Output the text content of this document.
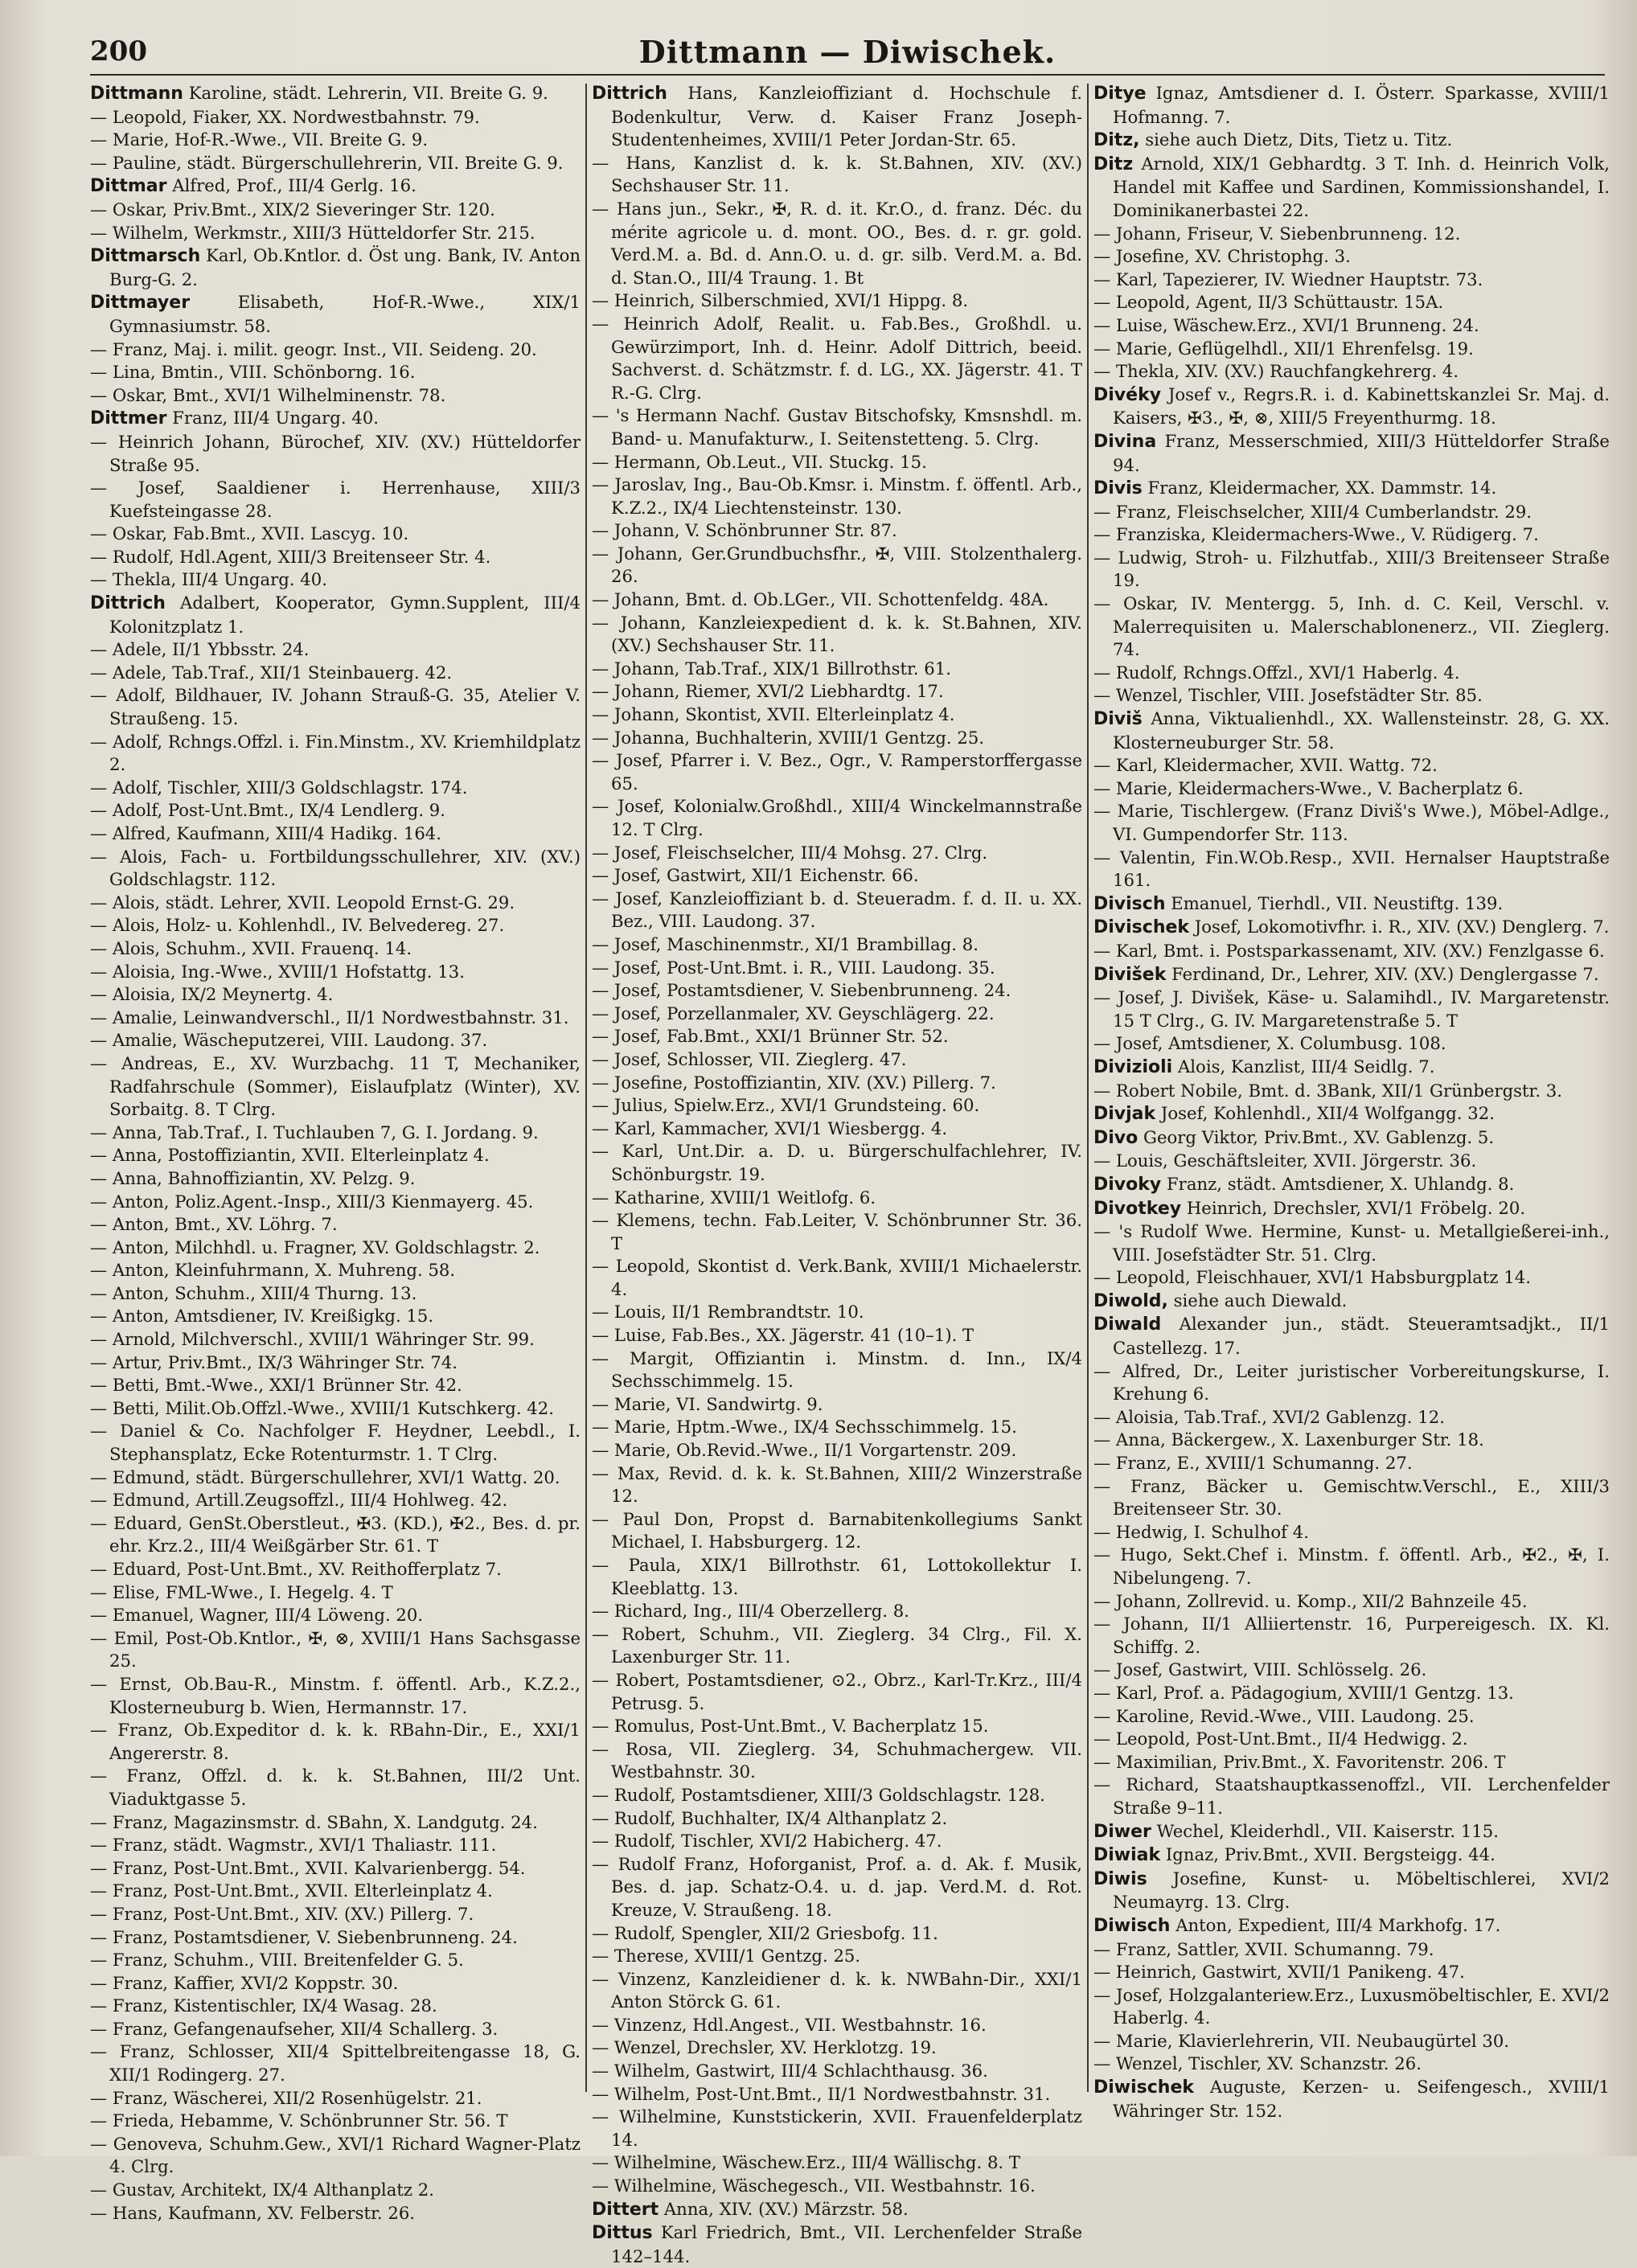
200	Dittmann — Diwischek.

Dittmann Karoline, städt. Lehrerin, VII. Breite G. 9.

— Leopold, Fiaker, XX. Nordwestbahnstr. 79.

— Marie, Hof-R.-Wwe., VII. Breite G. 9.

— Pauline, städt. Bürgerschullehrerin, VII. Breite G. 9.

Dittmar Alfred, Prof., III/4 Gerlg. 16.

— Oskar, Priv.Bmt., XIX/2 Sieveringer Str. 120.

— Wilhelm, Werkmstr., XIII/3 Hütteldorfer Str. 215.

Dittmarsch Karl, Ob.Kntlor. d. Öst ung. Bank, IV. Anton Burg-G. 2.

Dittmayer	Elisabeth, Hof-R.-Wwe., XIX/1 Gymnasiumstr. 58.

— Franz, Maj. i. milit. geogr. Inst., VII. Seideng. 20.

— Lina, Bmtin., VIII. Schönborng. 16.

— Oskar, Bmt., XVI/1 Wilhelminenstr. 78.

Dittmer Franz, III/4 Ungarg. 40.

— Heinrich Johann, Bürochef, XIV. (XV.) Hütteldorfer Straße 95.

— Josef, Saaldiener i. Herrenhause, XIII/3 Kuefsteingasse 28.

— Oskar, Fab.Bmt., XVII. Lascyg. 10.

— Rudolf, Hdl.Agent, XIII/3 Breitenseer Str. 4.

— Thekla, III/4 Ungarg. 40.

Dittrich Adalbert, Kooperator, Gymn.Supplent, III/4 Kolonitzplatz 1.

— Adele, II/1 Ybbsstr. 24.

— Adele, Tab.Traf., XII/1 Steinbauerg. 42.

— Adolf, Bildhauer, IV. Johann Strauß-G. 35, Atelier V. Straußeng. 15.

— Adolf, Rchngs.Offzl. i. Fin.Minstm., XV. Kriemhildplatz 2.

— Adolf, Tischler, XIII/3 Goldschlagstr. 174.

— Adolf, Post-Unt.Bmt., IX/4 Lendlerg. 9.

— Alfred, Kaufmann, XIII/4 Hadikg. 164.

— Alois, Fach- u. Fortbildungsschullehrer, XIV. (XV.) Goldschlagstr. 112.

— Alois, städt. Lehrer, XVII. Leopold Ernst-G. 29.

— Alois, Holz- u. Kohlenhdl., IV. Belvedereg. 27.

— Alois, Schuhm., XVII. Frauenq. 14.

— Aloisia, Ing.-Wwe., XVIII/1 Hofstattg. 13.

— Aloisia, IX/2 Meynertg. 4.

— Amalie, Leinwandverschl., II/1 Nordwestbahnstr. 31.

— Amalie, Wäscheputzerei, VIII. Laudong. 37.

— Andreas, E., XV. Wurzbachg. 11 T, Mechaniker, Radfahrschule (Sommer), Eislaufplatz (Winter), XV. Sorbaitg. 8. T Clrg.

— Anna, Tab.Traf., I. Tuchlauben 7, G. I. Jordang. 9.

— Anna, Postoffiziantin, XVII. Elterleinplatz 4.

— Anna, Bahnoffiziantin, XV. Pelzg. 9.

— Anton, Poliz.Agent.-Insp., XIII/3 Kienmayerg. 45.

— Anton, Bmt., XV. Löhrg. 7.

— Anton, Milchhdl. u. Fragner, XV. Goldschlagstr. 2.

— Anton, Kleinfuhrmann, X. Muhreng. 58.

— Anton, Schuhm., XIII/4 Thurng. 13.

— Anton, Amtsdiener, IV. Kreißigkg. 15.

— Arnold, Milchverschl., XVIII/1 Währinger Str. 99.

— Artur, Priv.Bmt., IX/3 Währinger Str. 74.

— Betti, Bmt.-Wwe., XXI/1 Brünner Str. 42.

— Betti, Milit.Ob.Offzl.-Wwe., XVIII/1 Kutschkerg. 42.

— Daniel & Co. Nachfolger F. Heydner, Leebdl., I. Stephansplatz, Ecke Rotenturmstr. 1. T Clrg.

— Edmund, städt. Bürgerschullehrer, XVI/1 Wattg. 20.

— Edmund, Artill.Zeugsoffzl., III/4 Hohlweg. 42.

— Eduard, GenSt.Oberstleut., ✠3. (KD.), ✠2., Bes. d. pr. ehr. Krz.2., III/4 Weißgärber Str. 61. T

— Eduard, Post-Unt.Bmt., XV. Reithofferplatz 7.

— Elise, FML-Wwe., I. Hegelg. 4. T

— Emanuel, Wagner, III/4 Löweng. 20.

— Emil, Post-Ob.Kntlor., ✠, ⊗, XVIII/1 Hans Sachsgasse 25.

— Ernst, Ob.Bau-R., Minstm. f. öffentl. Arb., K.Z.2., Klosterneuburg b. Wien, Hermannstr. 17.

— Franz, Ob.Expeditor d. k. k. RBahn-Dir., E., XXI/1 Angererstr. 8.

— Franz, Offzl. d. k. k. St.Bahnen, III/2 Unt. Viaduktgasse 5.

— Franz, Magazinsmstr. d. SBahn, X. Landgutg. 24.

— Franz, städt. Wagmstr., XVI/1 Thaliastr. 111.

— Franz, Post-Unt.Bmt., XVII. Kalvarienbergg. 54.

— Franz, Post-Unt.Bmt., XVII. Elterleinplatz 4.

— Franz, Post-Unt.Bmt., XIV. (XV.) Pillerg. 7.

— Franz, Postamtsdiener, V. Siebenbrunneng. 24.

— Franz, Schuhm., VIII. Breitenfelder G. 5.

— Franz, Kaffier, XVI/2 Koppstr. 30.

— Franz, Kistentischler, IX/4 Wasag. 28.

— Franz, Gefangenaufseher, XII/4 Schallerg. 3.

— Franz, Schlosser, XII/4 Spittelbreitengasse 18, G. XII/1 Rodingerg. 27.

— Franz, Wäscherei, XII/2 Rosenhügelstr. 21.

— Frieda, Hebamme, V. Schönbrunner Str. 56. T

— Genoveva, Schuhm.Gew., XVI/1 Richard Wagner-Platz 4. Clrg.

— Gustav, Architekt, IX/4 Althanplatz 2.

— Hans, Kaufmann, XV. Felberstr. 26.

Dittrich Hans, Kanzleioffiziant d. Hochschule f. Bodenkultur, Verw. d. Kaiser Franz Joseph-Studentenheimes, XVIII/1 Peter Jordan-Str. 65.

— Hans, Kanzlist d. k. k. St.Bahnen, XIV. (XV.) Sechshauser Str. 11.

— Hans jun., Sekr., ✠, R. d. it. Kr.O., d. franz. Déc. du mérite agricole u. d. mont. OO., Bes. d. r. gr. gold. Verd.M. a. Bd. d. Ann.O. u. d. gr. silb. Verd.M. a. Bd. d. Stan.O., III/4 Traung. 1. Bt

— Heinrich, Silberschmied, XVI/1 Hippg. 8.

— Heinrich Adolf, Realit. u. Fab.Bes., Großhdl. u. Gewürzimport, Inh. d. Heinr. Adolf Dittrich, beeid. Sachverst. d. Schätzmstr. f. d. LG., XX. Jägerstr. 41. T R.-G. Clrg.

— 's Hermann Nachf. Gustav Bitschofsky, Kmsnshdl. m. Band- u. Manufakturw., I. Seitenstetteng. 5. Clrg.

— Hermann, Ob.Leut., VII. Stuckg. 15.

— Jaroslav, Ing., Bau-Ob.Kmsr. i. Minstm. f. öffentl. Arb., K.Z.2., IX/4 Liechtensteinstr. 130.

— Johann, V. Schönbrunner Str. 87.

— Johann, Ger.Grundbuchsfhr., ✠, VIII. Stolzenthalerg. 26.

— Johann, Bmt. d. Ob.LGer., VII. Schottenfeldg. 48A.

— Johann, Kanzleiexpedient d. k. k. St.Bahnen, XIV. (XV.) Sechshauser Str. 11.

— Johann, Tab.Traf., XIX/1 Billrothstr. 61.

— Johann, Riemer, XVI/2 Liebhardtg. 17.

— Johann, Skontist, XVII. Elterleinplatz 4.

— Johanna, Buchhalterin, XVIII/1 Gentzg. 25.

— Josef, Pfarrer i. V. Bez., Ogr., V. Ramperstorffergasse 65.

— Josef, Kolonialw.Großhdl., XIII/4 Winckelmannstraße 12. T Clrg.

— Josef, Fleischselcher, III/4 Mohsg. 27. Clrg.

— Josef, Gastwirt, XII/1 Eichenstr. 66.

— Josef, Kanzleioffiziant b. d. Steueradm. f. d. II. u. XX. Bez., VIII. Laudong. 37.

— Josef, Maschinenmstr., XI/1 Brambillag. 8.

— Josef, Post-Unt.Bmt. i. R., VIII. Laudong. 35.

— Josef, Postamtsdiener, V. Siebenbrunneng. 24.

— Josef, Porzellanmaler, XV. Geyschlägerg. 22.

— Josef, Fab.Bmt., XXI/1 Brünner Str. 52.

— Josef, Schlosser, VII. Zieglerg. 47.

— Josefine, Postoffiziantin, XIV. (XV.) Pillerg. 7.

— Julius, Spielw.Erz., XVI/1 Grundsteing. 60.

— Karl, Kammacher, XVI/1 Wiesbergg. 4.

— Karl, Unt.Dir. a. D. u. Bürgerschulfachlehrer, IV. Schönburgstr. 19.

— Katharine, XVIII/1 Weitlofg. 6.

— Klemens, techn. Fab.Leiter, V. Schönbrunner Str. 36. T

— Leopold, Skontist d. Verk.Bank, XVIII/1 Michaelerstr. 4.

— Louis, II/1 Rembrandtstr. 10.

— Luise, Fab.Bes., XX. Jägerstr. 41 (10–1). T

— Margit, Offiziantin i. Minstm. d. Inn., IX/4 Sechsschimmelg. 15.

— Marie, VI. Sandwirtg. 9.

— Marie, Hptm.-Wwe., IX/4 Sechsschimmelg. 15.

— Marie, Ob.Revid.-Wwe., II/1 Vorgartenstr. 209.

— Max, Revid. d. k. k. St.Bahnen, XIII/2 Winzerstraße 12.

— Paul Don, Propst d. Barnabitenkollegiums Sankt Michael, I. Habsburgerg. 12.

— Paula, XIX/1 Billrothstr. 61, Lottokollektur I. Kleeblattg. 13.

— Richard, Ing., III/4 Oberzellerg. 8.

— Robert, Schuhm., VII. Zieglerg. 34 Clrg., Fil. X. Laxenburger Str. 11.

— Robert, Postamtsdiener, ⊙2., Obrz., Karl-Tr.Krz., III/4 Petrusg. 5.

— Romulus, Post-Unt.Bmt., V. Bacherplatz 15.

— Rosa, VII. Zieglerg. 34, Schuhmachergew. VII. Westbahnstr. 30.

— Rudolf, Postamtsdiener, XIII/3 Goldschlagstr. 128.

— Rudolf, Buchhalter, IX/4 Althanplatz 2.

— Rudolf, Tischler, XVI/2 Habicherg. 47.

— Rudolf Franz, Hoforganist, Prof. a. d. Ak. f. Musik, Bes. d. jap. Schatz-O.4. u. d. jap. Verd.M. d. Rot. Kreuze, V. Straußeng. 18.

— Rudolf, Spengler, XII/2 Griesbofg. 11.

— Therese, XVIII/1 Gentzg. 25.

— Vinzenz, Kanzleidiener d. k. k. NWBahn-Dir., XXI/1 Anton Störck G. 61.

— Vinzenz, Hdl.Angest., VII. Westbahnstr. 16.

— Wenzel, Drechsler, XV. Herklotzg. 19.

— Wilhelm, Gastwirt, III/4 Schlachthausg. 36.

— Wilhelm, Post-Unt.Bmt., II/1 Nordwestbahnstr. 31.

— Wilhelmine, Kunststickerin, XVII. Frauenfelderplatz 14.

— Wilhelmine, Wäschew.Erz., III/4 Wällischg. 8. T

— Wilhelmine, Wäschegesch., VII. Westbahnstr. 16.

Dittert Anna, XIV. (XV.) Märzstr. 58.

Dittus Karl Friedrich, Bmt., VII. Lerchenfelder Straße 142–144.

Ditye Ignaz, Amtsdiener d. I. Österr. Sparkasse, XVIII/1 Hofmanng. 7.

Ditz, siehe auch Dietz, Dits, Tietz u. Titz.

Ditz Arnold, XIX/1 Gebhardtg. 3 T. Inh. d. Heinrich Volk, Handel mit Kaffee und Sardinen, Kommissionshandel, I. Dominikanerbastei 22.

— Johann, Friseur, V. Siebenbrunneng. 12.

— Josefine, XV. Christophg. 3.

— Karl, Tapezierer, IV. Wiedner Hauptstr. 73.

— Leopold, Agent, II/3 Schüttaustr. 15A.

— Luise, Wäschew.Erz., XVI/1 Brunneng. 24.

— Marie, Geflügelhdl., XII/1 Ehrenfelsg. 19.

— Thekla, XIV. (XV.) Rauchfangkehrerg. 4.

Divéky Josef v., Regrs.R. i. d. Kabinettskanzlei Sr. Maj. d. Kaisers, ✠3., ✠, ⊗, XIII/5 Freyenthurmg. 18.

Divina Franz, Messerschmied, XIII/3 Hütteldorfer Straße 94.

Divis Franz, Kleidermacher, XX. Dammstr. 14.

— Franz, Fleischselcher, XIII/4 Cumberlandstr. 29.

— Franziska, Kleidermachers-Wwe., V. Rüdigerg. 7.

— Ludwig, Stroh- u. Filzhutfab., XIII/3 Breitenseer Straße 19.

— Oskar, IV. Mentergg. 5, Inh. d. C. Keil, Verschl. v. Malerrequisiten u. Malerschablonenerz., VII. Zieglerg. 74.

— Rudolf, Rchngs.Offzl., XVI/1 Haberlg. 4.

— Wenzel, Tischler, VIII. Josefstädter Str. 85.

Diviš Anna, Viktualienhdl., XX. Wallensteinstr. 28, G. XX. Klosterneuburger Str. 58.

— Karl, Kleidermacher, XVII. Wattg. 72.

— Marie, Kleidermachers-Wwe., V. Bacherplatz 6.

— Marie, Tischlergew. (Franz Diviš's Wwe.), Möbel-Adlge., VI. Gumpendorfer Str. 113.

— Valentin, Fin.W.Ob.Resp., XVII. Hernalser Hauptstraße 161.

Divisch Emanuel, Tierhdl., VII. Neustiftg. 139.

Divischek Josef, Lokomotivfhr. i. R., XIV. (XV.) Denglerg. 7.

— Karl, Bmt. i. Postsparkassenamt, XIV. (XV.) Fenzlgasse 6.

Divišek Ferdinand, Dr., Lehrer, XIV. (XV.) Denglergasse 7.

— Josef, J. Divišek, Käse- u. Salamihdl., IV. Margaretenstr. 15 T Clrg., G. IV. Margaretenstraße 5. T

— Josef, Amtsdiener, X. Columbusg. 108.

Divizioli Alois, Kanzlist, III/4 Seidlg. 7.

— Robert Nobile, Bmt. d. 3Bank, XII/1 Grünbergstr. 3.

Divjak Josef, Kohlenhdl., XII/4 Wolfgangg. 32.

Divo Georg Viktor, Priv.Bmt., XV. Gablenzg. 5.

— Louis, Geschäftsleiter, XVII. Jörgerstr. 36.

Divoky Franz, städt. Amtsdiener, X. Uhlandg. 8.

Divotkey Heinrich, Drechsler, XVI/1 Fröbelg. 20.

— 's Rudolf Wwe. Hermine, Kunst- u. Metallgießerei-inh., VIII. Josefstädter Str. 51. Clrg.

— Leopold, Fleischhauer, XVI/1 Habsburgplatz 14.

Diwold, siehe auch Diewald.

Diwald Alexander jun., städt. Steueramtsadjkt., II/1 Castellezg. 17.

— Alfred, Dr., Leiter juristischer Vorbereitungskurse, I. Krehung 6.

— Aloisia, Tab.Traf., XVI/2 Gablenzg. 12.

— Anna, Bäckergew., X. Laxenburger Str. 18.

— Franz, E., XVIII/1 Schumanng. 27.

— Franz, Bäcker u. Gemischtw.Verschl., E., XIII/3 Breitenseer Str. 30.

— Hedwig, I. Schulhof 4.

— Hugo, Sekt.Chef i. Minstm. f. öffentl. Arb., ✠2., ✠, I. Nibelungeng. 7.

— Johann, Zollrevid. u. Komp., XII/2 Bahnzeile 45.

— Johann, II/1 Alliiertenstr. 16, Purpereigesch. IX. Kl. Schiffg. 2.

— Josef, Gastwirt, VIII. Schlösselg. 26.

— Karl, Prof. a. Pädagogium, XVIII/1 Gentzg. 13.

— Karoline, Revid.-Wwe., VIII. Laudong. 25.

— Leopold, Post-Unt.Bmt., II/4 Hedwigg. 2.

— Maximilian, Priv.Bmt., X. Favoritenstr. 206. T

— Richard, Staatshauptkassenoffzl., VII. Lerchenfelder Straße 9–11.

Diwer Wechel, Kleiderhdl., VII. Kaiserstr. 115.

Diwiak Ignaz, Priv.Bmt., XVII. Bergsteigg. 44.

Diwis Josefine, Kunst- u. Möbeltischlerei, XVI/2 Neumayrg. 13. Clrg.

Diwisch Anton, Expedient, III/4 Markhofg. 17.

— Franz, Sattler, XVII. Schumanng. 79.

— Heinrich, Gastwirt, XVII/1 Panikeng. 47.

— Josef, Holzgalanteriew.Erz., Luxusmöbeltischler, E. XVI/2 Haberlg. 4.

— Marie, Klavierlehrerin, VII. Neubaugürtel 30.

— Wenzel, Tischler, XV. Schanzstr. 26.

Diwischek Auguste, Kerzen- u. Seifengesch., XVIII/1 Währinger Str. 152.
